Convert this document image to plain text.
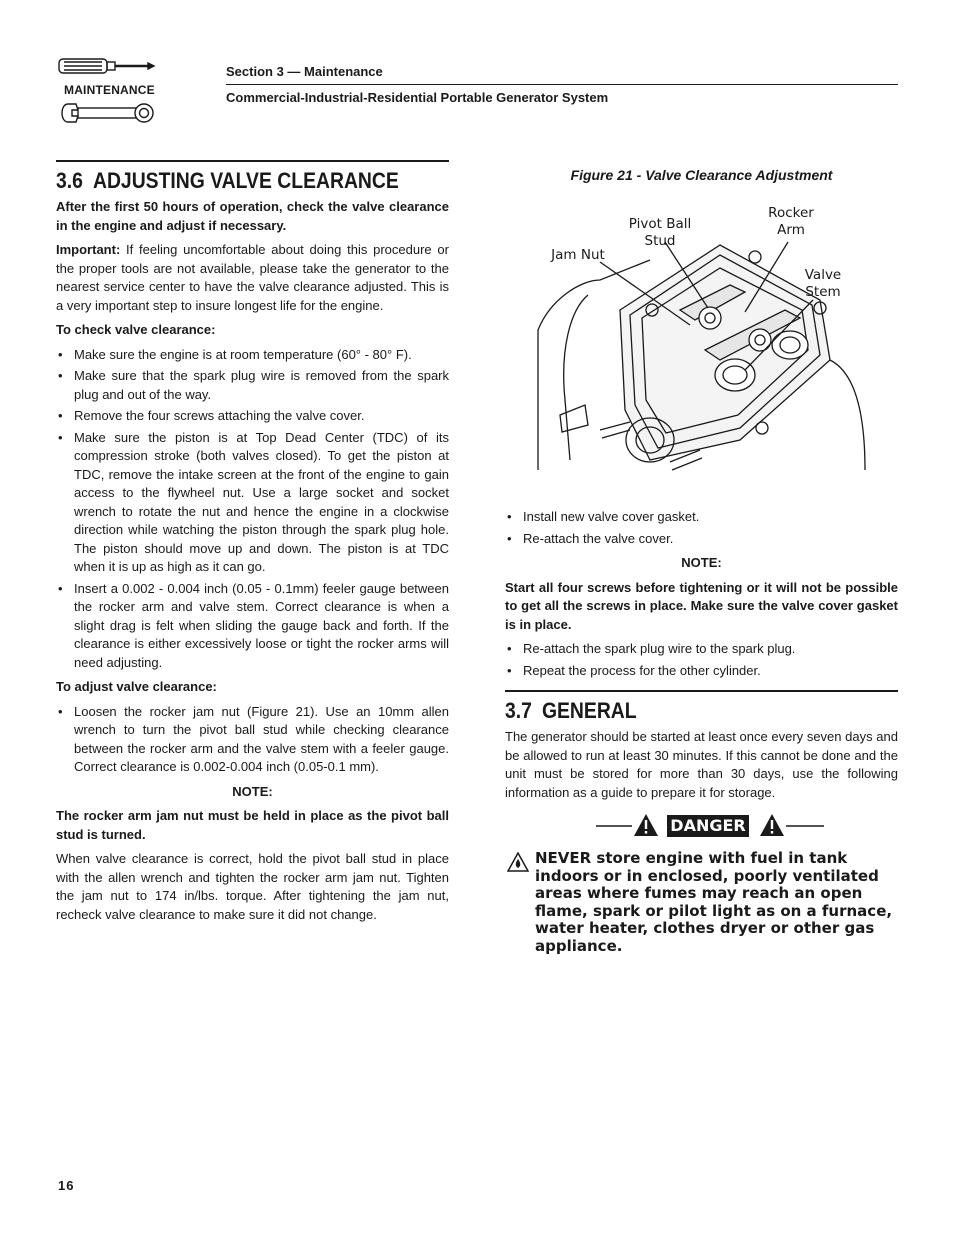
MAINTENANCE
Section 3 — Maintenance
Commercial-Industrial-Residential Portable Generator System
3.6 ADJUSTING VALVE CLEARANCE

After the first 50 hours of operation, check the valve clearance in the engine and adjust if necessary.

Important: If feeling uncomfortable about doing this procedure or the proper tools are not available, please take the generator to the nearest service center to have the valve clearance adjusted. This is a very important step to insure longest life for the engine.

To check valve clearance:

• Make sure the engine is at room temperature (60° - 80° F).
• Make sure that the spark plug wire is removed from the spark plug and out of the way.
• Remove the four screws attaching the valve cover.
• Make sure the piston is at Top Dead Center (TDC) of its compression stroke (both valves closed). To get the piston at TDC, remove the intake screen at the front of the engine to gain access to the flywheel nut. Use a large socket and socket wrench to rotate the nut and hence the engine in a clockwise direction while watching the piston through the spark plug hole. The piston should move up and down. The piston is at TDC when it is up as high as it can go.
• Insert a 0.002 - 0.004 inch (0.05 - 0.1mm) feeler gauge between the rocker arm and valve stem. Correct clearance is when a slight drag is felt when sliding the gauge back and forth. If the clearance is either excessively loose or tight the rocker arms will need adjusting.

To adjust valve clearance:

• Loosen the rocker jam nut (Figure 21). Use an 10mm allen wrench to turn the pivot ball stud while checking clearance between the rocker arm and the valve stem with a feeler gauge. Correct clearance is 0.002-0.004 inch (0.05-0.1 mm).
NOTE:

The rocker arm jam nut must be held in place as the pivot ball stud is turned.

When valve clearance is correct, hold the pivot ball stud in place with the allen wrench and tighten the rocker arm jam nut. Tighten the jam nut to 174 in/lbs. torque. After tightening the jam nut, recheck valve clearance to make sure it did not change.

Figure 21 - Valve Clearance Adjustment
Pivot Ball
Stud
Rocker
Arm
Jam Nut
Valve
Stem
• Install new valve cover gasket.
• Re-attach the valve cover.
NOTE:

Start all four screws before tightening or it will not be possible to get all the screws in place. Make sure the valve cover gasket is in place.

• Re-attach the spark plug wire to the spark plug.
• Repeat the process for the other cylinder.
3.7 GENERAL

The generator should be started at least once every seven days and be allowed to run at least 30 minutes. If this cannot be done and the unit must be stored for more than 30 days, use the following information as a guide to prepare it for storage.

DANGER
NEVER store engine with fuel in tank indoors or in enclosed, poorly ventilated areas where fumes may reach an open flame, spark or pilot light as on a furnace, water heater, clothes dryer or other gas appliance.
16
